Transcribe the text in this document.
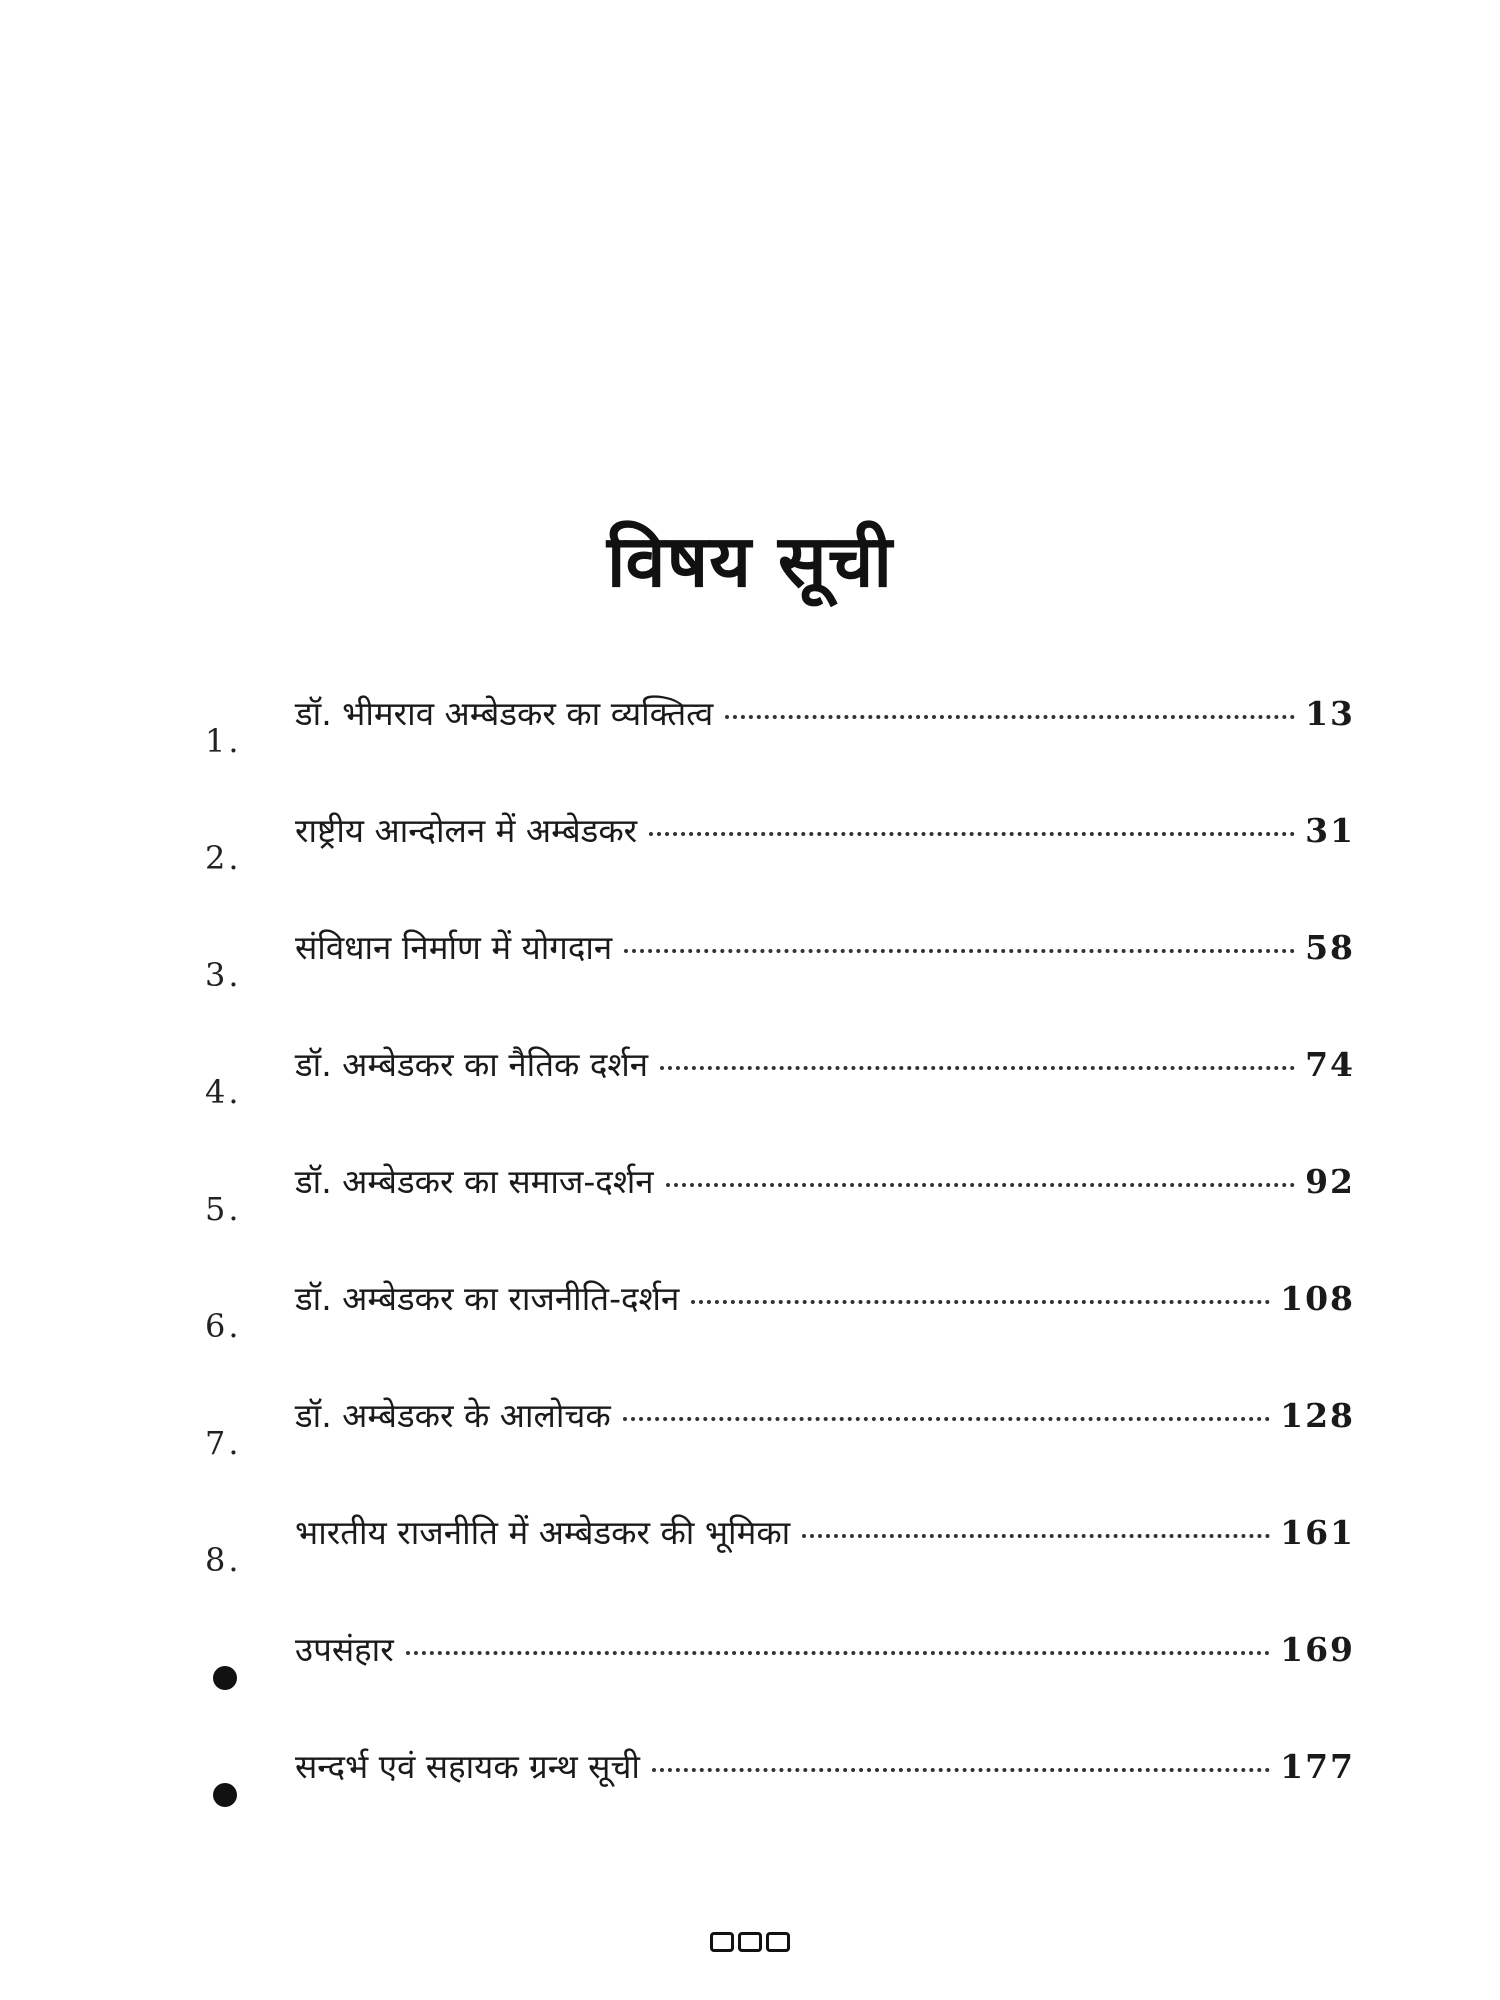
विषय सूची
1.
डॉ. भीमराव अम्बेडकर का व्यक्तित्व	13
2.
राष्ट्रीय आन्दोलन में अम्बेडकर	31
3.
संविधान निर्माण में योगदान	58
4.
डॉ. अम्बेडकर का नैतिक दर्शन	74
5.
डॉ. अम्बेडकर का समाज-दर्शन	92
6.
डॉ. अम्बेडकर का राजनीति-दर्शन	108
7.
डॉ. अम्बेडकर के आलोचक	128
8.
भारतीय राजनीति में अम्बेडकर की भूमिका	161
उपसंहार	169
सन्दर्भ एवं सहायक ग्रन्थ सूची	177
